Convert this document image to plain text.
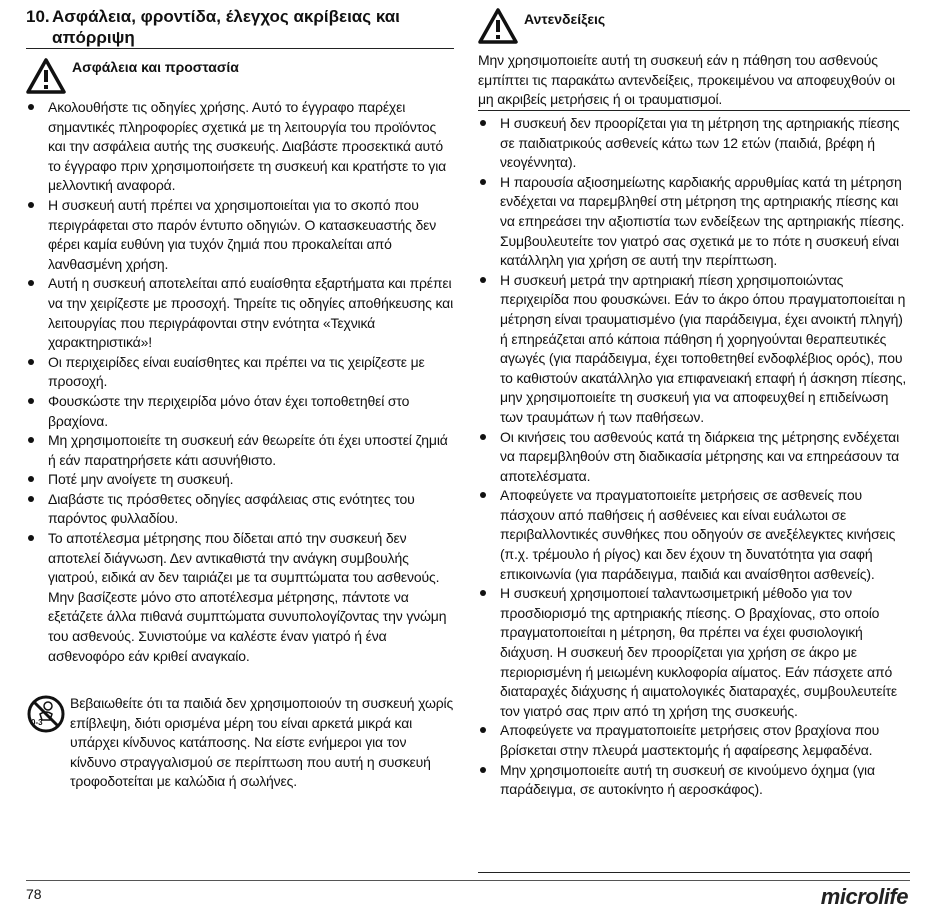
10. Ασφάλεια, φροντίδα, έλεγχος ακρίβειας και απόρριψη
Ασφάλεια και προστασία
Ακολουθήστε τις οδηγίες χρήσης. Αυτό το έγγραφο παρέχει σημαντικές πληροφορίες σχετικά με τη λειτουργία του προϊόντος και την ασφάλεια αυτής της συσκευής. Διαβάστε προσεκτικά αυτό το έγγραφο πριν χρησιμοποιήσετε τη συσκευή και κρατήστε το για μελλοντική αναφορά.
Η συσκευή αυτή πρέπει να χρησιμοποιείται για το σκοπό που περιγράφεται στο παρόν έντυπο οδηγιών. Ο κατασκευαστής δεν φέρει καμία ευθύνη για τυχόν ζημιά που προκαλείται από λανθασμένη χρήση.
Αυτή η συσκευή αποτελείται από ευαίσθητα εξαρτήματα και πρέπει να την χειρίζεστε με προσοχή. Τηρείτε τις οδηγίες αποθήκευσης και λειτουργίας που περιγράφονται στην ενότητα «Τεχνικά χαρακτηριστικά»!
Οι περιχειρίδες είναι ευαίσθητες και πρέπει να τις χειρίζεστε με προσοχή.
Φουσκώστε την περιχειρίδα μόνο όταν έχει τοποθετηθεί στο βραχίονα.
Μη χρησιμοποιείτε τη συσκευή εάν θεωρείτε ότι έχει υποστεί ζημιά ή εάν παρατηρήσετε κάτι ασυνήθιστο.
Ποτέ μην ανοίγετε τη συσκευή.
Διαβάστε τις πρόσθετες οδηγίες ασφάλειας στις ενότητες του παρόντος φυλλαδίου.
Το αποτέλεσμα μέτρησης που δίδεται από την συσκευή δεν αποτελεί διάγνωση. Δεν αντικαθιστά την ανάγκη συμβουλής γιατρού, ειδικά αν δεν ταιριάζει με τα συμπτώματα του ασθενούς. Μην βασίζεστε μόνο στο αποτέλεσμα μέτρησης, πάντοτε να εξετάζετε άλλα πιθανά συμπτώματα συνυπολογίζοντας την γνώμη του ασθενούς. Συνιστούμε να καλέστε έναν γιατρό ή ένα ασθενοφόρο εάν κριθεί αναγκαίο.
0-3
Βεβαιωθείτε ότι τα παιδιά δεν χρησιμοποιούν τη συσκευή χωρίς επίβλεψη, διότι ορισμένα μέρη του είναι αρκετά μικρά και υπάρχει κίνδυνος κατάποσης. Να είστε ενήμεροι για τον κίνδυνο στραγγαλισμού σε περίπτωση που αυτή η συσκευή τροφοδοτείται με καλώδια ή σωλήνες.
Αντενδείξεις

Μην χρησιμοποιείτε αυτή τη συσκευή εάν η πάθηση του ασθενούς εμπίπτει τις παρακάτω αντενδείξεις, προκειμένου να αποφευχθούν οι μη ακριβείς μετρήσεις ή οι τραυματισμοί.

Η συσκευή δεν προορίζεται για τη μέτρηση της αρτηριακής πίεσης σε παιδιατρικούς ασθενείς κάτω των 12 ετών (παιδιά, βρέφη ή νεογέννητα).
Η παρουσία αξιοσημείωτης καρδιακής αρρυθμίας κατά τη μέτρηση ενδέχεται να παρεμβληθεί στη μέτρηση της αρτηριακής πίεσης και να επηρεάσει την αξιοπιστία των ενδείξεων της αρτηριακής πίεσης. Συμβουλευτείτε τον γιατρό σας σχετικά με το πότε η συσκευή είναι κατάλληλη για χρήση σε αυτή την περίπτωση.
Η συσκευή μετρά την αρτηριακή πίεση χρησιμοποιώντας περιχειρίδα που φουσκώνει. Εάν το άκρο όπου πραγματοποιείται η μέτρηση είναι τραυματισμένο (για παράδειγμα, έχει ανοικτή πληγή) ή επηρεάζεται από κάποια πάθηση ή χορηγούνται θεραπευτικές αγωγές (για παράδειγμα, έχει τοποθετηθεί ενδοφλέβιος ορός), που το καθιστούν ακατάλληλο για επιφανειακή επαφή ή άσκηση πίεσης, μην χρησιμοποιείτε τη συσκευή για να αποφευχθεί η επιδείνωση των τραυμάτων ή των παθήσεων.
Οι κινήσεις του ασθενούς κατά τη διάρκεια της μέτρησης ενδέχεται να παρεμβληθούν στη διαδικασία μέτρησης και να επηρεάσουν τα αποτελέσματα.
Αποφεύγετε να πραγματοποιείτε μετρήσεις σε ασθενείς που πάσχουν από παθήσεις ή ασθένειες και είναι ευάλωτοι σε περιβαλλοντικές συνθήκες που οδηγούν σε ανεξέλεγκτες κινήσεις (π.χ. τρέμουλο ή ρίγος) και δεν έχουν τη δυνατότητα για σαφή επικοινωνία (για παράδειγμα, παιδιά και αναίσθητοι ασθενείς).
Η συσκευή χρησιμοποιεί ταλαντωσιμετρική μέθοδο για τον προσδιορισμό της αρτηριακής πίεσης. Ο βραχίονας, στο οποίο πραγματοποιείται η μέτρηση, θα πρέπει να έχει φυσιολογική διάχυση. Η συσκευή δεν προορίζεται για χρήση σε άκρο με περιορισμένη ή μειωμένη κυκλοφορία αίματος. Εάν πάσχετε από διαταραχές διάχυσης ή αιματολογικές διαταραχές, συμβουλευτείτε τον γιατρό σας πριν από τη χρήση της συσκευής.
Αποφεύγετε να πραγματοποιείτε μετρήσεις στον βραχίονα που βρίσκεται στην πλευρά μαστεκτομής ή αφαίρεσης λεμφαδένα.
Μην χρησιμοποιείτε αυτή τη συσκευή σε κινούμενο όχημα (για παράδειγμα, σε αυτοκίνητο ή αεροσκάφος).
78	microlife
